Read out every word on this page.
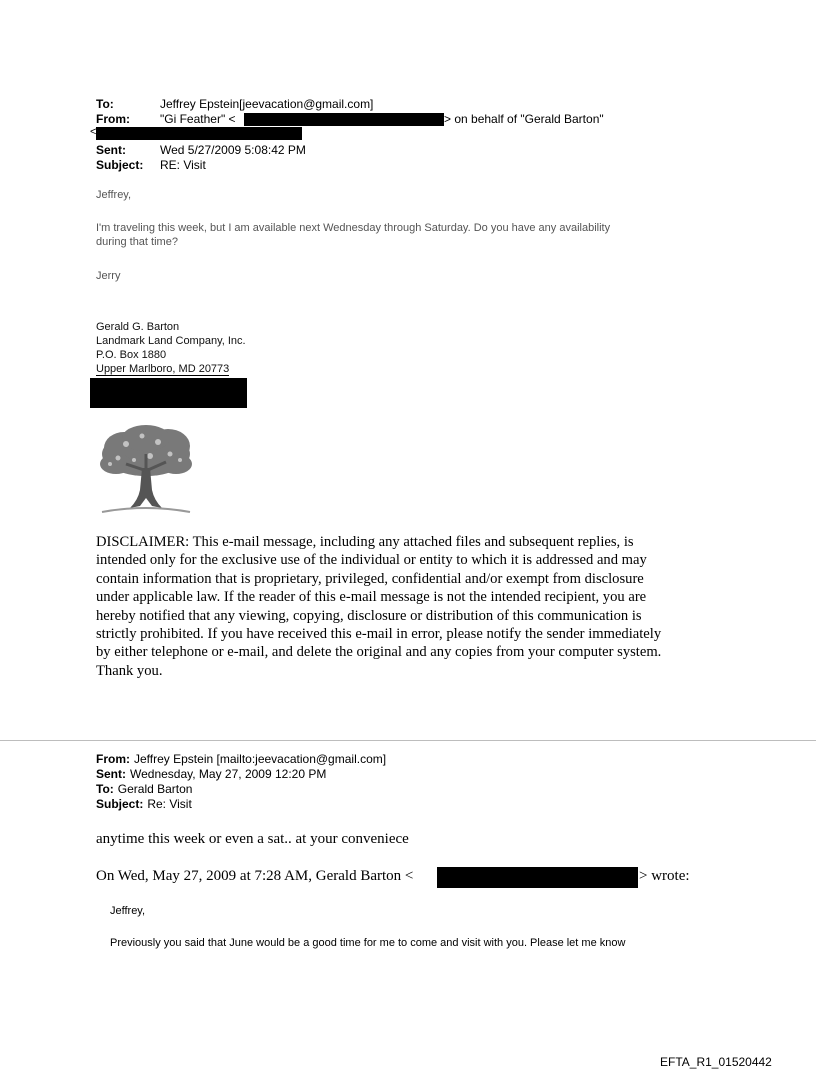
To:	Jeffrey Epstein[jeevacation@gmail.com]
From:	"Gi Feather" <	> on behalf of "Gerald Barton"
<
Sent:	Wed 5/27/2009 5:08:42 PM
Subject: RE: Visit
Jeffrey,
I'm traveling this week, but I am available next Wednesday through Saturday. Do you have any availability
during that time?
Jerry
Gerald G. Barton
Landmark Land Company, Inc.
P.O. Box 1880
Upper Marlboro, MD 20773
DISCLAIMER: This e-mail message, including any attached files and subsequent replies, is
intended only for the exclusive use of the individual or entity to which it is addressed and may
contain information that is proprietary, privileged, confidential and/or exempt from disclosure
under applicable law. If the reader of this e-mail message is not the intended recipient, you are
hereby notified that any viewing, copying, disclosure or distribution of this communication is
strictly prohibited. If you have received this e-mail in error, please notify the sender immediately
by either telephone or e-mail, and delete the original and any copies from your computer system.
Thank you.
From: Jeffrey Epstein [mailto:jeevacation@gmail.com]
Sent: Wednesday, May 27, 2009 12:20 PM
To: Gerald Barton
Subject: Re: Visit
anytime this week or even a sat.. at your conveniece
On Wed, May 27, 2009 at 7:28 AM, Gerald Barton <	> wrote:
Jeffrey,
Previously you said that June would be a good time for me to come and visit with you. Please let me know
EFTA_R1_01520442
